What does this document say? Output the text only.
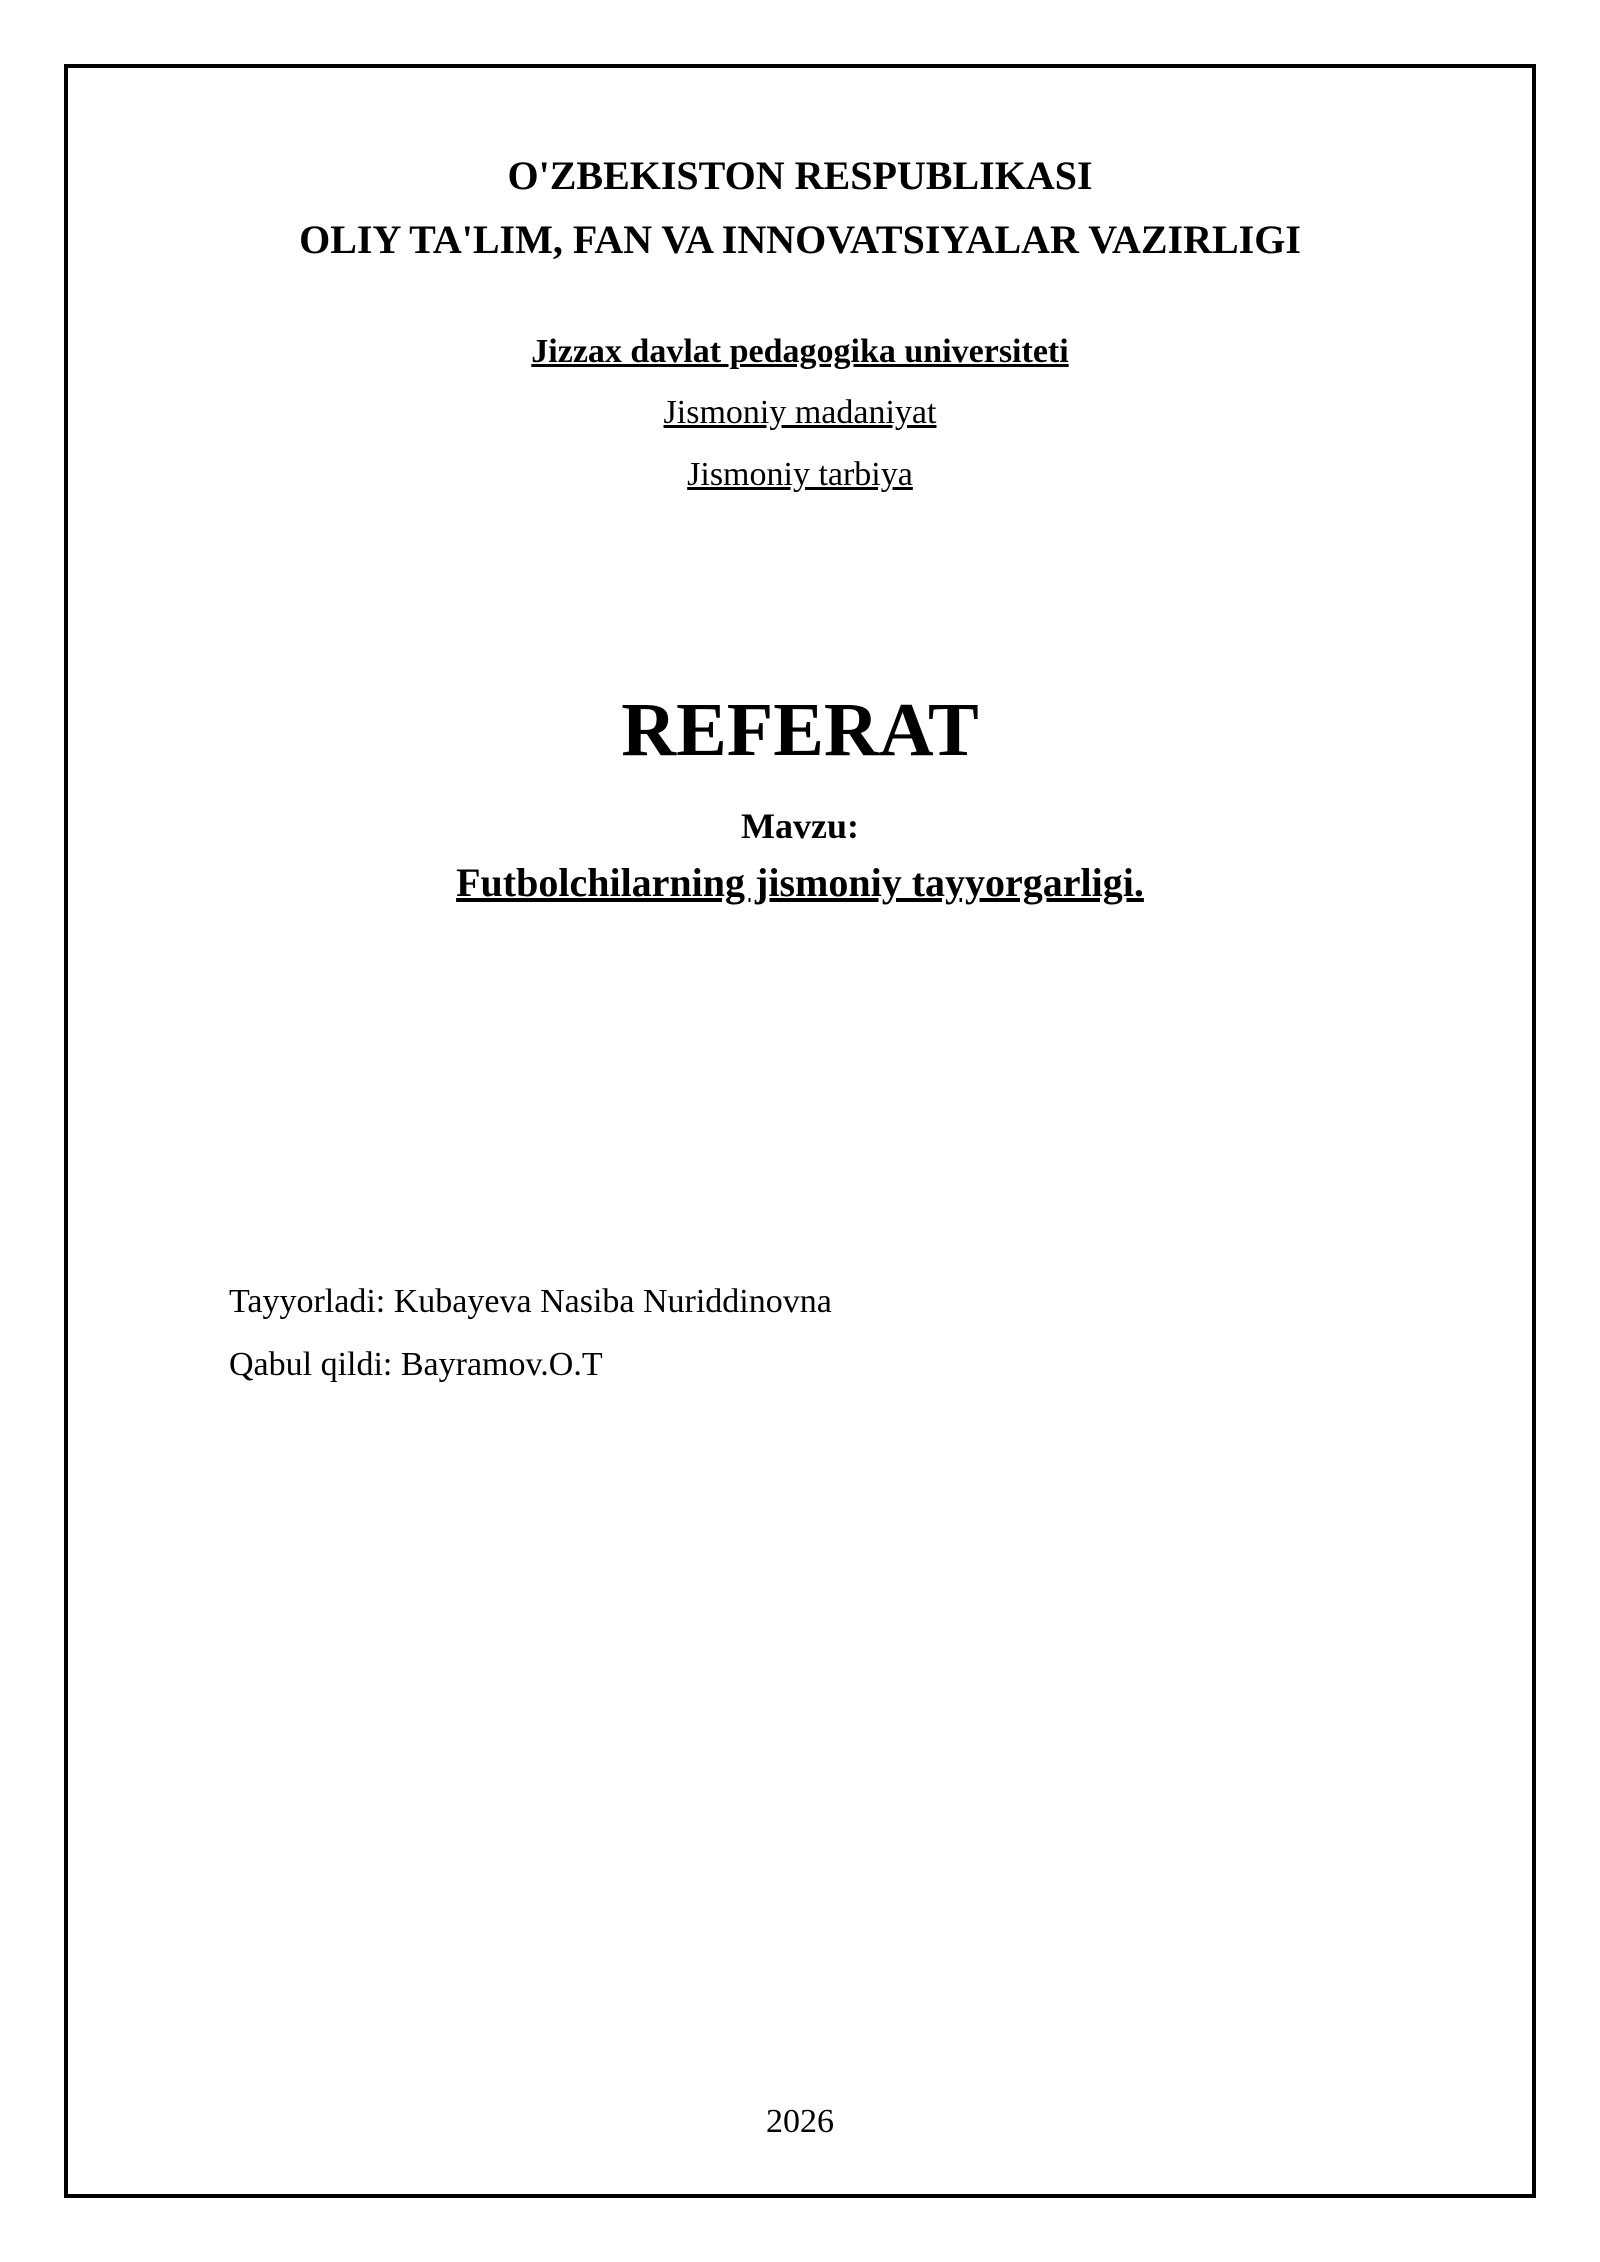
O'ZBEKISTON RESPUBLIKASI
OLIY TA'LIM, FAN VA INNOVATSIYALAR VAZIRLIGI
Jizzax davlat pedagogika universiteti
Jismoniy madaniyat
Jismoniy tarbiya
REFERAT
Mavzu:
Futbolchilarning jismoniy tayyorgarligi.
Tayyorladi: Kubayeva Nasiba Nuriddinovna
Qabul qildi: Bayramov.O.T
2026
